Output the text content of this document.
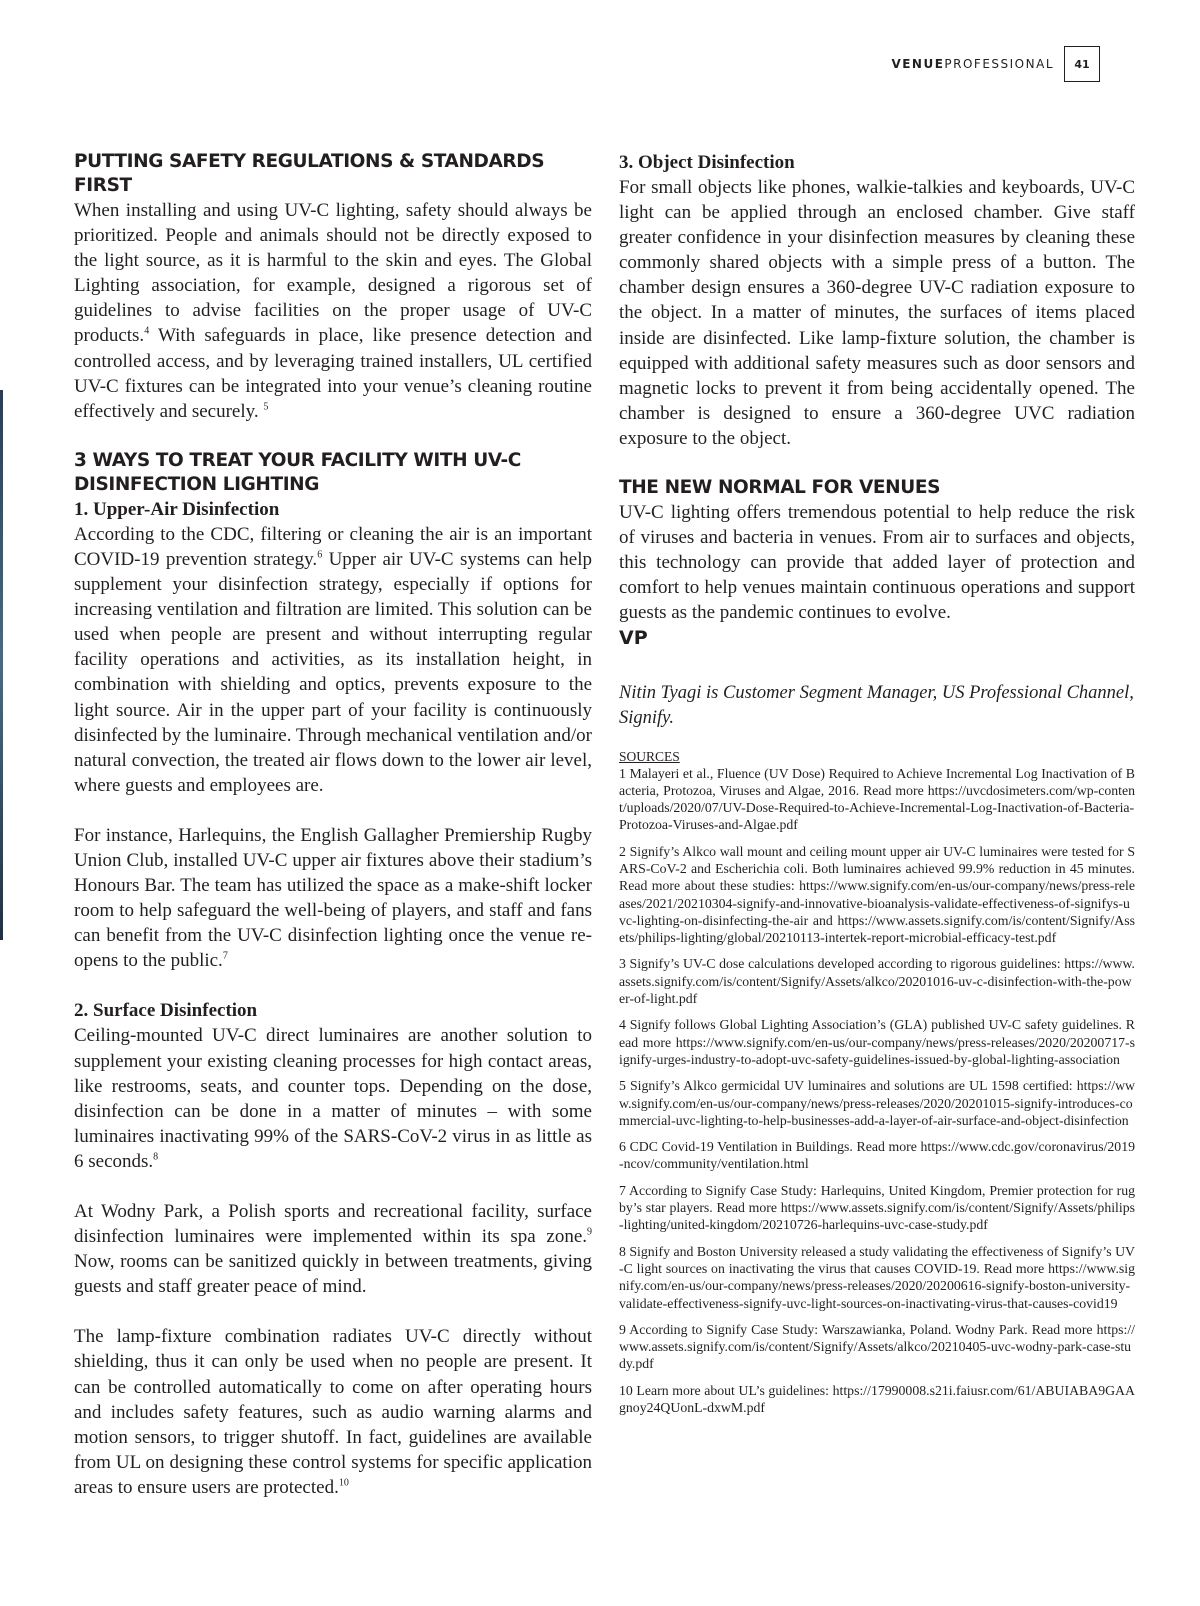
VENUEPROFESSIONAL	41
PUTTING SAFETY REGULATIONS & STANDARDS FIRST

When installing and using UV-C lighting, safety should always be prioritized. People and animals should not be directly exposed to the light source, as it is harmful to the skin and eyes. The Global Lighting association, for example, designed a rigorous set of guidelines to advise facilities on the proper usage of UV-C products.$^4$ With safeguards in place, like presence detection and controlled access, and by leveraging trained installers, UL certified UV-C fixtures can be integrated into your venue’s cleaning routine effectively and securely. $^5$

3 WAYS TO TREAT YOUR FACILITY WITH UV-C DISINFECTION LIGHTING
1. Upper-Air Disinfection

According to the CDC, filtering or cleaning the air is an important COVID-19 prevention strategy.$^6$ Upper air UV-C systems can help supplement your disinfection strategy, especially if options for increasing ventilation and filtration are limited. This solution can be used when people are present and without interrupting regular facility operations and activities, as its installation height, in combination with shielding and optics, prevents exposure to the light source. Air in the upper part of your facility is continuously disinfected by the luminaire. Through mechanical ventilation and/or natural convection, the treated air flows down to the lower air level, where guests and employees are.

For instance, Harlequins, the English Gallagher Premiership Rugby Union Club, installed UV-C upper air fixtures above their stadium’s Honours Bar. The team has utilized the space as a make-shift locker room to help safeguard the well-being of players, and staff and fans can benefit from the UV-C disinfection lighting once the venue re-opens to the public.$^7$

2. Surface Disinfection

Ceiling-mounted UV-C direct luminaires are another solution to supplement your existing cleaning processes for high contact areas, like restrooms, seats, and counter tops. Depending on the dose, disinfection can be done in a matter of minutes – with some luminaires inactivating 99% of the SARS-CoV-2 virus in as little as 6 seconds.$^8$

At Wodny Park, a Polish sports and recreational facility, surface disinfection luminaires were implemented within its spa zone.$^9$ Now, rooms can be sanitized quickly in between treatments, giving guests and staff greater peace of mind.

The lamp-fixture combination radiates UV-C directly without shielding, thus it can only be used when no people are present. It can be controlled automatically to come on after operating hours and includes safety features, such as audio warning alarms and motion sensors, to trigger shutoff. In fact, guidelines are available from UL on designing these control systems for specific application areas to ensure users are protected.$^{10}$

3. Object Disinfection

For small objects like phones, walkie-talkies and keyboards, UV-C light can be applied through an enclosed chamber. Give staff greater confidence in your disinfection measures by cleaning these commonly shared objects with a simple press of a button. The chamber design ensures a 360-degree UV-C radiation exposure to the object. In a matter of minutes, the surfaces of items placed inside are disinfected. Like lamp-fixture solution, the chamber is equipped with additional safety measures such as door sensors and magnetic locks to prevent it from being accidentally opened. The chamber is designed to ensure a 360-degree UVC radiation exposure to the object.

THE NEW NORMAL FOR VENUES

UV-C lighting offers tremendous potential to help reduce the risk of viruses and bacteria in venues. From air to surfaces and objects, this technology can provide that added layer of protection and comfort to help venues maintain continuous operations and support guests as the pandemic continues to evolve.

VP

Nitin Tyagi is Customer Segment Manager, US Professional Channel, Signify.

SOURCES

1 Malayeri et al., Fluence (UV Dose) Required to Achieve Incremental Log Inactivation of Bacteria, Protozoa, Viruses and Algae, 2016. Read more https://uvcdosimeters.com/wp-content/uploads/2020/07/UV-Dose-Required-to-Achieve-Incremental-Log-Inactivation-of-Bacteria-Protozoa-Viruses-and-Algae.pdf

2 Signify’s Alkco wall mount and ceiling mount upper air UV-C luminaires were tested for SARS-CoV-2 and Escherichia coli. Both luminaires achieved 99.9% reduction in 45 minutes. Read more about these studies: https://www.signify.com/en-us/our-company/news/press-releases/2021/20210304-signify-and-innovative-bioanalysis-validate-effectiveness-of-signifys-uvc-lighting-on-disinfecting-the-air and https://www.assets.signify.com/is/content/Signify/Assets/philips-lighting/global/20210113-intertek-report-microbial-efficacy-test.pdf

3 Signify’s UV-C dose calculations developed according to rigorous guidelines: https://www.assets.signify.com/is/content/Signify/Assets/alkco/20201016-uv-c-disinfection-with-the-power-of-light.pdf

4 Signify follows Global Lighting Association’s (GLA) published UV-C safety guidelines. Read more https://www.signify.com/en-us/our-company/news/press-releases/2020/20200717-signify-urges-industry-to-adopt-uvc-safety-guidelines-issued-by-global-lighting-association

5 Signify’s Alkco germicidal UV luminaires and solutions are UL 1598 certified: https://www.signify.com/en-us/our-company/news/press-releases/2020/20201015-signify-introduces-commercial-uvc-lighting-to-help-businesses-add-a-layer-of-air-surface-and-object-disinfection

6 CDC Covid-19 Ventilation in Buildings. Read more https://www.cdc.gov/coronavirus/2019-ncov/community/ventilation.html

7 According to Signify Case Study: Harlequins, United Kingdom, Premier protection for rugby’s star players. Read more https://www.assets.signify.com/is/content/Signify/Assets/philips-lighting/united-kingdom/20210726-harlequins-uvc-case-study.pdf

8 Signify and Boston University released a study validating the effectiveness of Signify’s UV-C light sources on inactivating the virus that causes COVID-19. Read more https://www.signify.com/en-us/our-company/news/press-releases/2020/20200616-signify-boston-university-validate-effectiveness-signify-uvc-light-sources-on-inactivating-virus-that-causes-covid19

9 According to Signify Case Study: Warszawianka, Poland. Wodny Park. Read more https://www.assets.signify.com/is/content/Signify/Assets/alkco/20210405-uvc-wodny-park-case-study.pdf

10 Learn more about UL’s guidelines: https://17990008.s21i.faiusr.com/61/ABUIABA9GAAgnoy24QUonL-dxwM.pdf
